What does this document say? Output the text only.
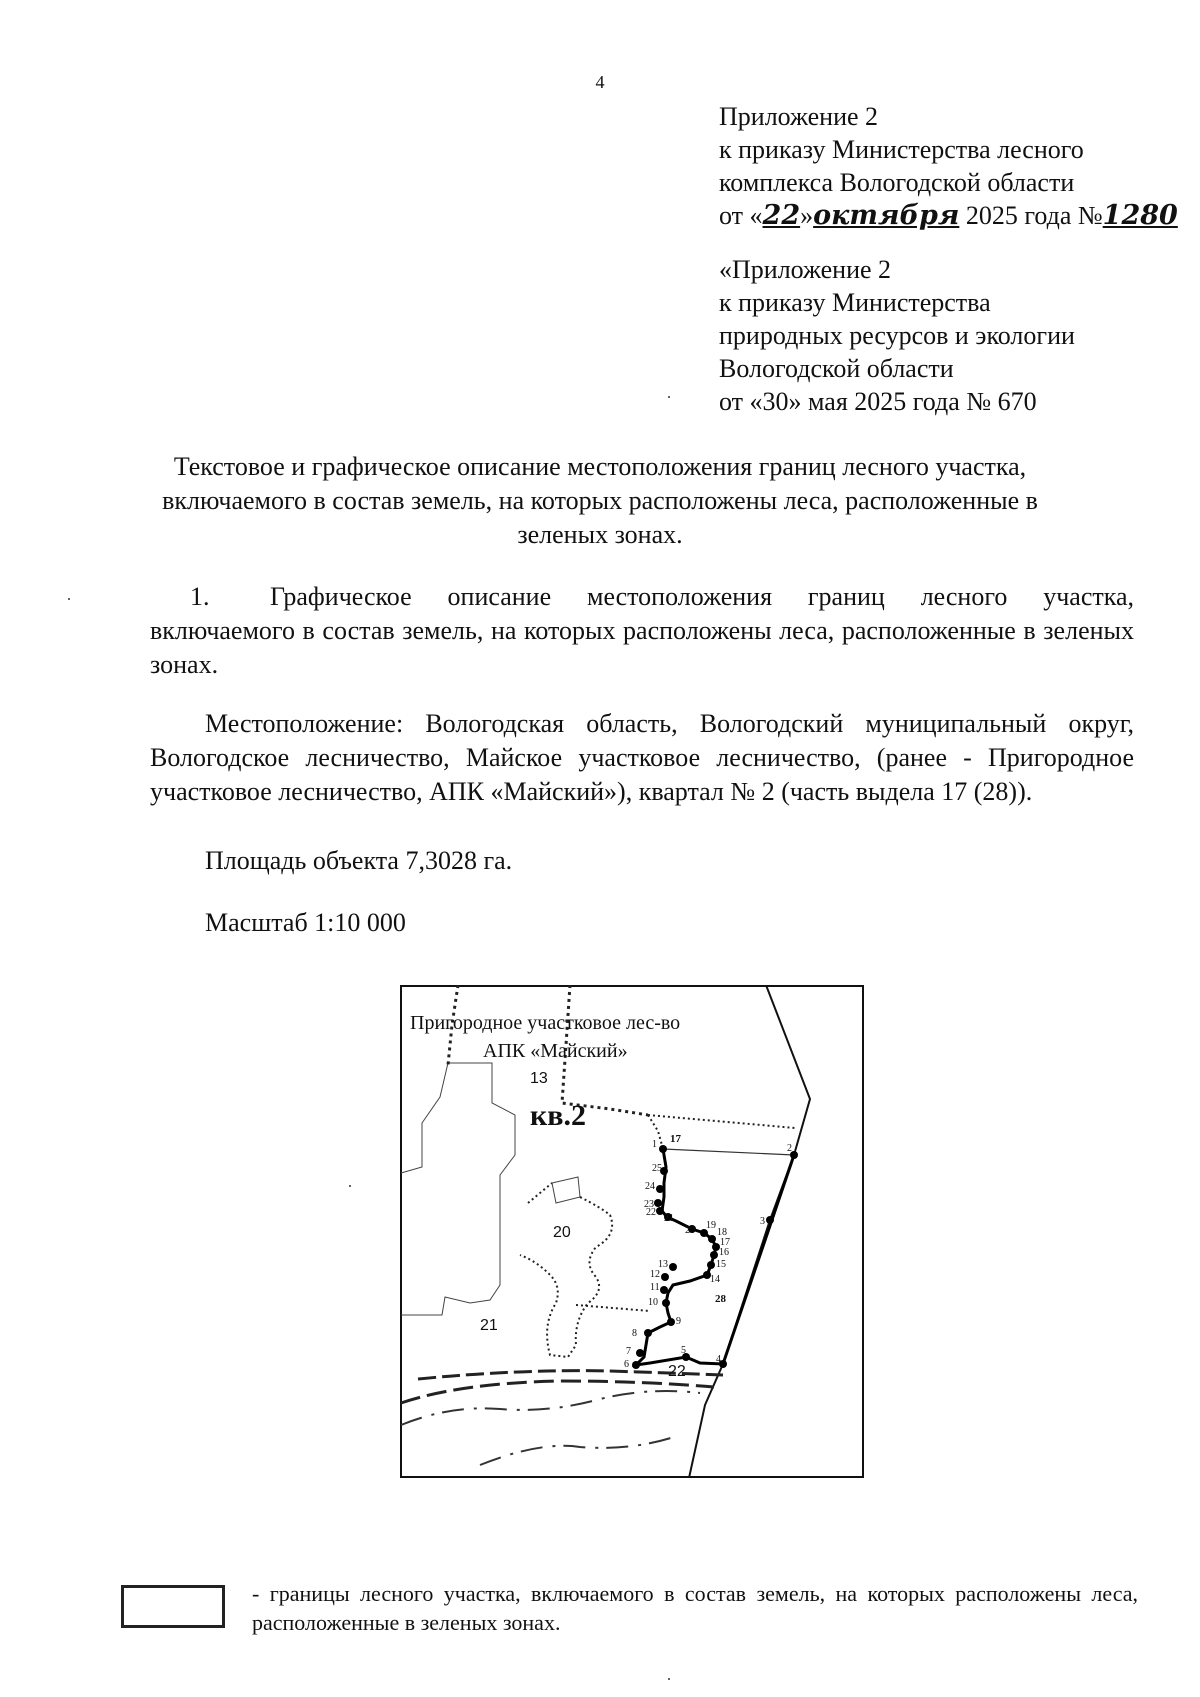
4
Приложение 2
к приказу Министерства лесного
комплекса Вологодской области
от «22»октября 2025 года №1280
«Приложение 2
к приказу Министерства
природных ресурсов и экологии
Вологодской области
от «30» мая 2025 года № 670
Текстовое и графическое описание местоположения границ лесного участка, включаемого в состав земель, на которых расположены леса, расположенные в зеленых зонах.
1. Графическое описание местоположения границ лесного участка, включаемого в состав земель, на которых расположены леса, расположенные в зеленых зонах.
Местоположение: Вологодская область, Вологодский муниципальный округ, Вологодское лесничество, Майское участковое лесничество, (ранее - Пригородное участковое лесничество, АПК «Майский»), квартал № 2 (часть выдела 17 (28)).
Площадь объекта 7,3028 га.
Масштаб 1:10 000
Пригородное участковое лес-во
АПК «Майский»
кв.2
13
17
20
21
28
22
1	2
3
4
5
6
7
8
9
10
11
12
13
14
15
16
17
18
19
20
21
22
23
24
25
- границы лесного участка, включаемого в состав земель, на которых расположены леса, расположенные в зеленых зонах.
